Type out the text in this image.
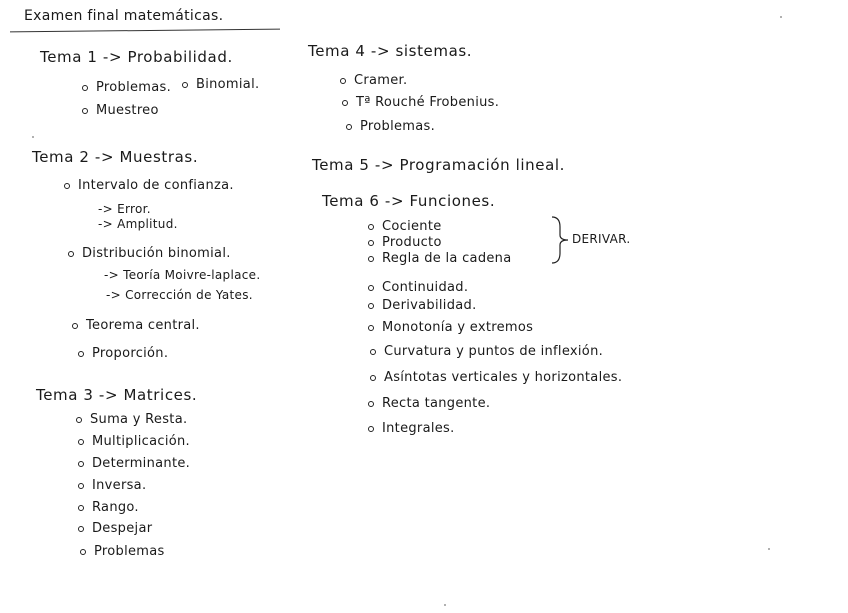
Examen final matemáticas.
Tema 1 -> Probabilidad.
Problemas.	Binomial.
Muestreo
Tema 2 -> Muestras.
Intervalo de confianza.
-> Error.
-> Amplitud.
Distribución binomial.
-> Teoría Moivre-laplace.
-> Corrección de Yates.
Teorema central.
Proporción.
Tema 3 -> Matrices.
Suma y Resta.
Multiplicación.
Determinante.
Inversa.
Rango.
Despejar
Problemas
Tema 4 -> sistemas.
Cramer.
Tª Rouché Frobenius.
Problemas.
Tema 5 -> Programación lineal.
Tema 6 -> Funciones.
Cociente
Producto
Regla de la cadena
DERIVAR.
Continuidad.
Derivabilidad.
Monotonía y extremos
Curvatura y puntos de inflexión.
Asíntotas verticales y horizontales.
Recta tangente.
Integrales.
